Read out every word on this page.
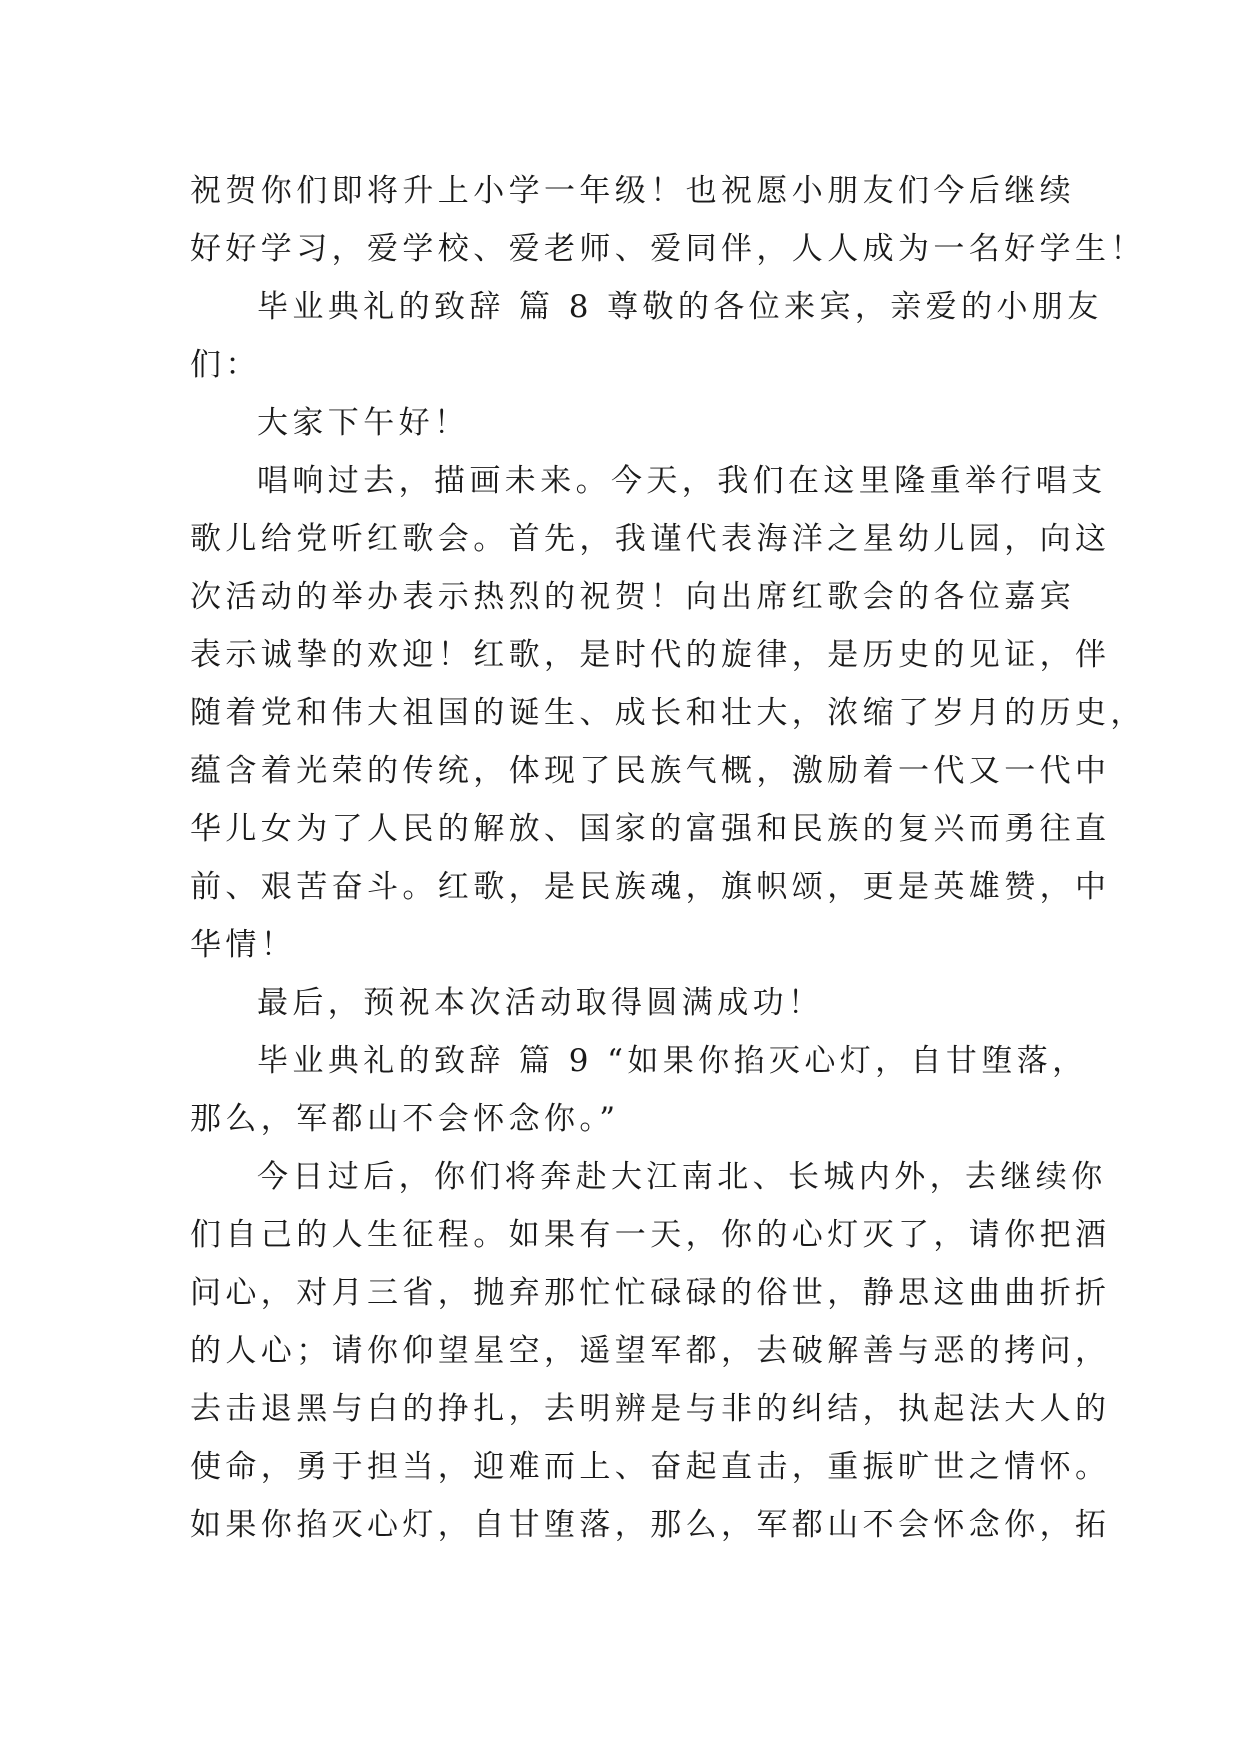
祝贺你们即将升上小学一年级！也祝愿小朋友们今后继续
好好学习，爱学校、爱老师、爱同伴，人人成为一名好学生！
毕业典礼的致辞 篇 8 尊敬的各位来宾，亲爱的小朋友
们：
大家下午好！
唱响过去，描画未来。今天，我们在这里隆重举行唱支
歌儿给党听红歌会。首先，我谨代表海洋之星幼儿园，向这
次活动的举办表示热烈的祝贺！向出席红歌会的各位嘉宾
表示诚挚的欢迎！红歌，是时代的旋律，是历史的见证，伴
随着党和伟大祖国的诞生、成长和壮大，浓缩了岁月的历史，
蕴含着光荣的传统，体现了民族气概，激励着一代又一代中
华儿女为了人民的解放、国家的富强和民族的复兴而勇往直
前、艰苦奋斗。红歌，是民族魂，旗帜颂，更是英雄赞，中
华情！
最后，预祝本次活动取得圆满成功！
毕业典礼的致辞 篇 9 “如果你掐灭心灯，自甘堕落，
那么，军都山不会怀念你。”
今日过后，你们将奔赴大江南北、长城内外，去继续你
们自己的人生征程。如果有一天，你的心灯灭了，请你把酒
问心，对月三省，抛弃那忙忙碌碌的俗世，静思这曲曲折折
的人心；请你仰望星空，遥望军都，去破解善与恶的拷问，
去击退黑与白的挣扎，去明辨是与非的纠结，执起法大人的
使命，勇于担当，迎难而上、奋起直击，重振旷世之情怀。
如果你掐灭心灯，自甘堕落，那么，军都山不会怀念你，拓
